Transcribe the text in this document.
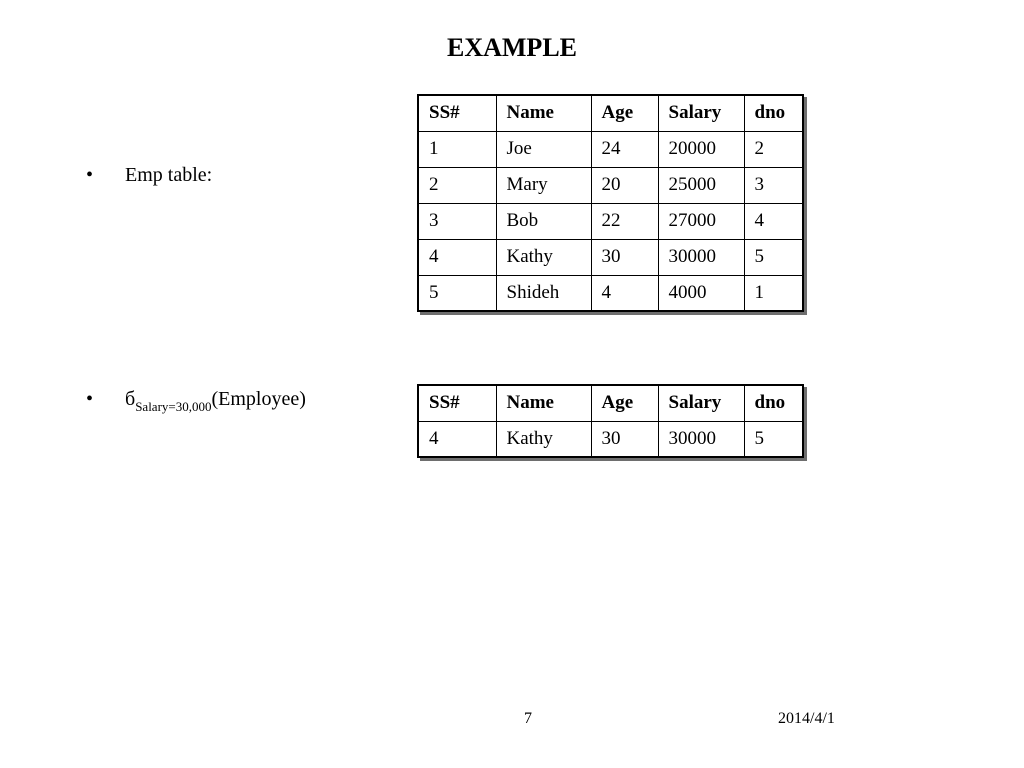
EXAMPLE
• Emp table:
• $б_{Salary=30,000}(Employee)$
SS#	Name	Age	Salary	dno
1	Joe	24	20000	2
2	Mary	20	25000	3
3	Bob	22	27000	4
4	Kathy	30	30000	5
5	Shideh	4	4000	1
SS#	Name	Age	Salary	dno
4	Kathy	30	30000	5
7	2014/4/1
